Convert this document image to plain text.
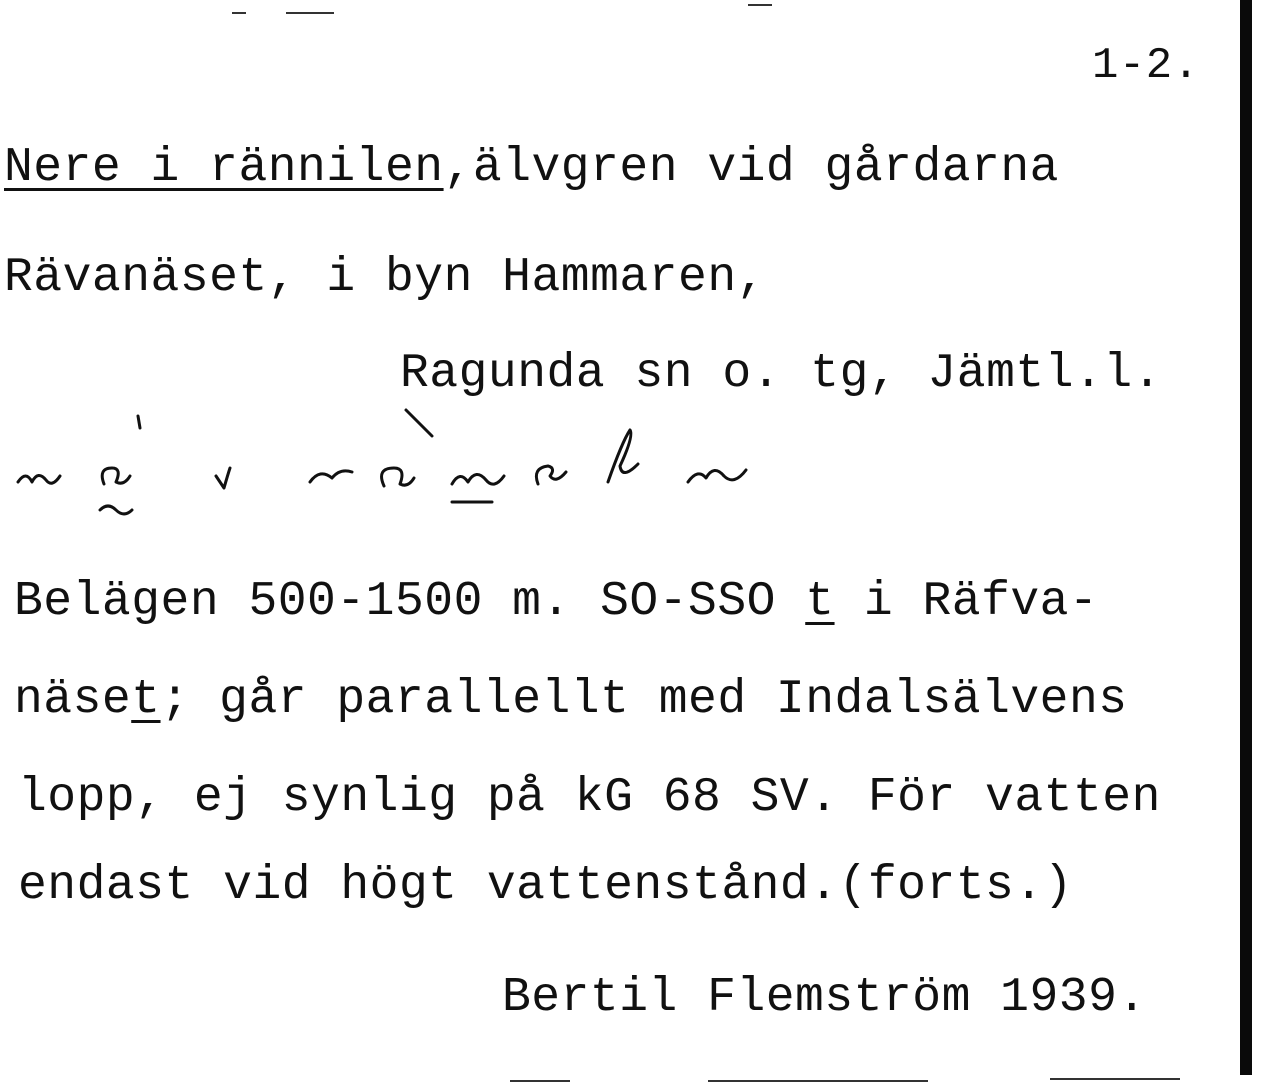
1-2.
Nere i rännilen,älvgren vid gårdarna
Rävanäset, i byn Hammaren,
Ragunda sn o. tg, Jämtl.l.
nä i rä̀nəln
Belägen 500-1500 m. SO-SSO t i Räfva-
näset; går parallellt med Indalsälvens
lopp, ej synlig på kG 68 SV. För vatten
endast vid högt vattenstånd.(forts.)
Bertil Flemström 1939.
